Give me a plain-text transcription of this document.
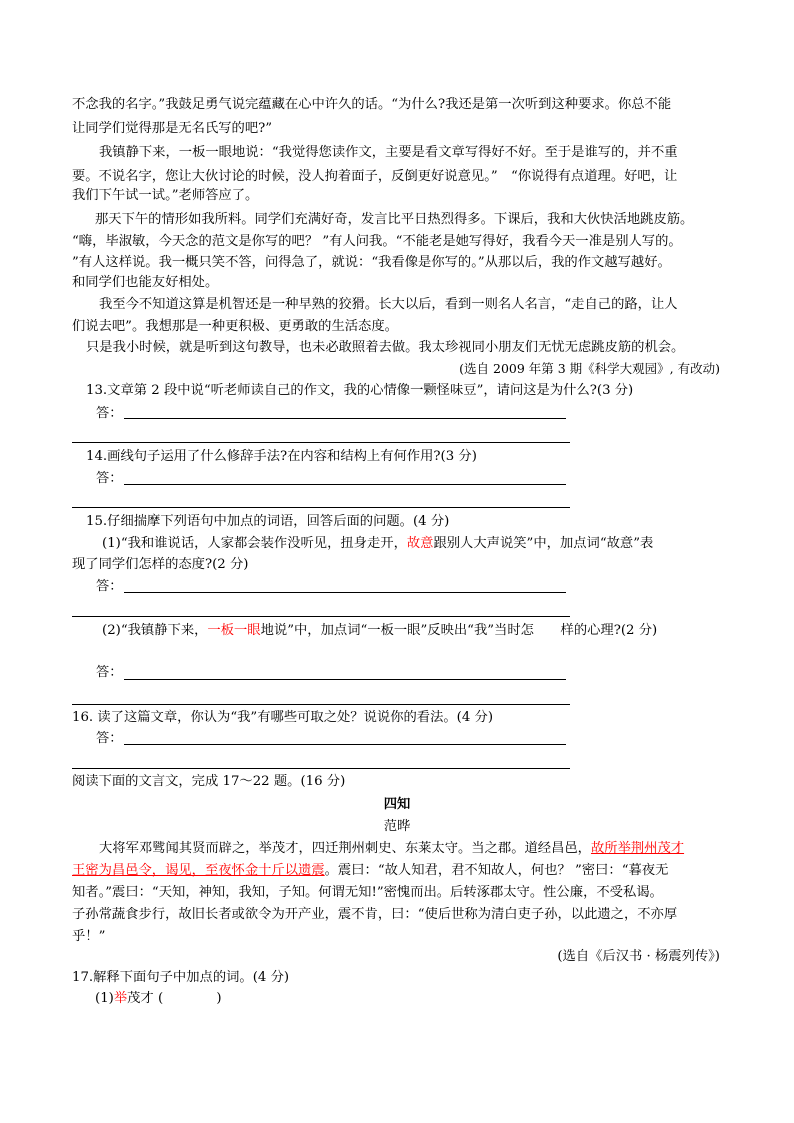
不念我的名字。”我鼓足勇气说完蕴藏在心中许久的话。“为什么?我还是第一次听到这种要求。你总不能
让同学们觉得那是无名氏写的吧?”
我镇静下来，一板一眼地说：“我觉得您读作文，主要是看文章写得好不好。至于是谁写的，并不重
要。不说名字，您让大伙讨论的时候，没人拘着面子，反倒更好说意见。”　“你说得有点道理。好吧，让
我们下午试一试。”老师答应了。
那天下午的情形如我所料。同学们充满好奇，发言比平日热烈得多。下课后，我和大伙快活地跳皮筋。
“嗨，毕淑敏，今天念的范文是你写的吧？ ”有人问我。“不能老是她写得好，我看今天一准是别人写的。
”有人这样说。我一概只笑不答，问得急了，就说：“我看像是你写的。”从那以后，我的作文越写越好。
和同学们也能友好相处。
我至今不知道这算是机智还是一种早熟的狡猾。长大以后，看到一则名人名言，“走自己的路，让人
们说去吧”。我想那是一种更积极、更勇敢的生活态度。
只是我小时候，就是听到这句教导，也未必敢照着去做。我太珍视同小朋友们无忧无虑跳皮筋的机会。
(选自 2009 年第 3 期《科学大观园》, 有改动)
13.文章第 2 段中说“听老师读自己的作文，我的心情像一颗怪味豆”，请问这是为什么?(3 分)
答：
14.画线句子运用了什么修辞手法?在内容和结构上有何作用?(3 分)
答：
15.仔细揣摩下列语句中加点的词语，回答后面的问题。(4 分)
(1)“我和谁说话，人家都会装作没听见，扭身走开，故意跟别人大声说笑”中，加点词“故意”表
现了同学们怎样的态度?(2 分)
答：
(2)“我镇静下来，一板一眼地说”中，加点词“一板一眼”反映出“我”当时怎　　样的心理?(2 分)
答：
16. 读了这篇文章，你认为“我”有哪些可取之处？说说你的看法。(4 分)
答：
阅读下面的文言文，完成 17～22 题。(16 分)
四知
范晔
大将军邓骘闻其贤而辟之，举茂才，四迁荆州刺史、东莱太守。当之郡。道经昌邑，故所举荆州茂才
王密为昌邑令，谒见，至夜怀金十斤以遗震。震曰：“故人知君，君不知故人，何也？ ”密曰：“暮夜无
知者。”震曰：“天知，神知，我知，子知。何谓无知!”密愧而出。后转涿郡太守。性公廉，不受私谒。
子孙常蔬食步行，故旧长者或欲令为开产业，震不肯，曰：“使后世称为清白吏子孙，以此遗之，不亦厚
乎！”
(选自《后汉书 · 杨震列传》)
17.解释下面句子中加点的词。(4 分)
(1)举茂才 (　　　　)
